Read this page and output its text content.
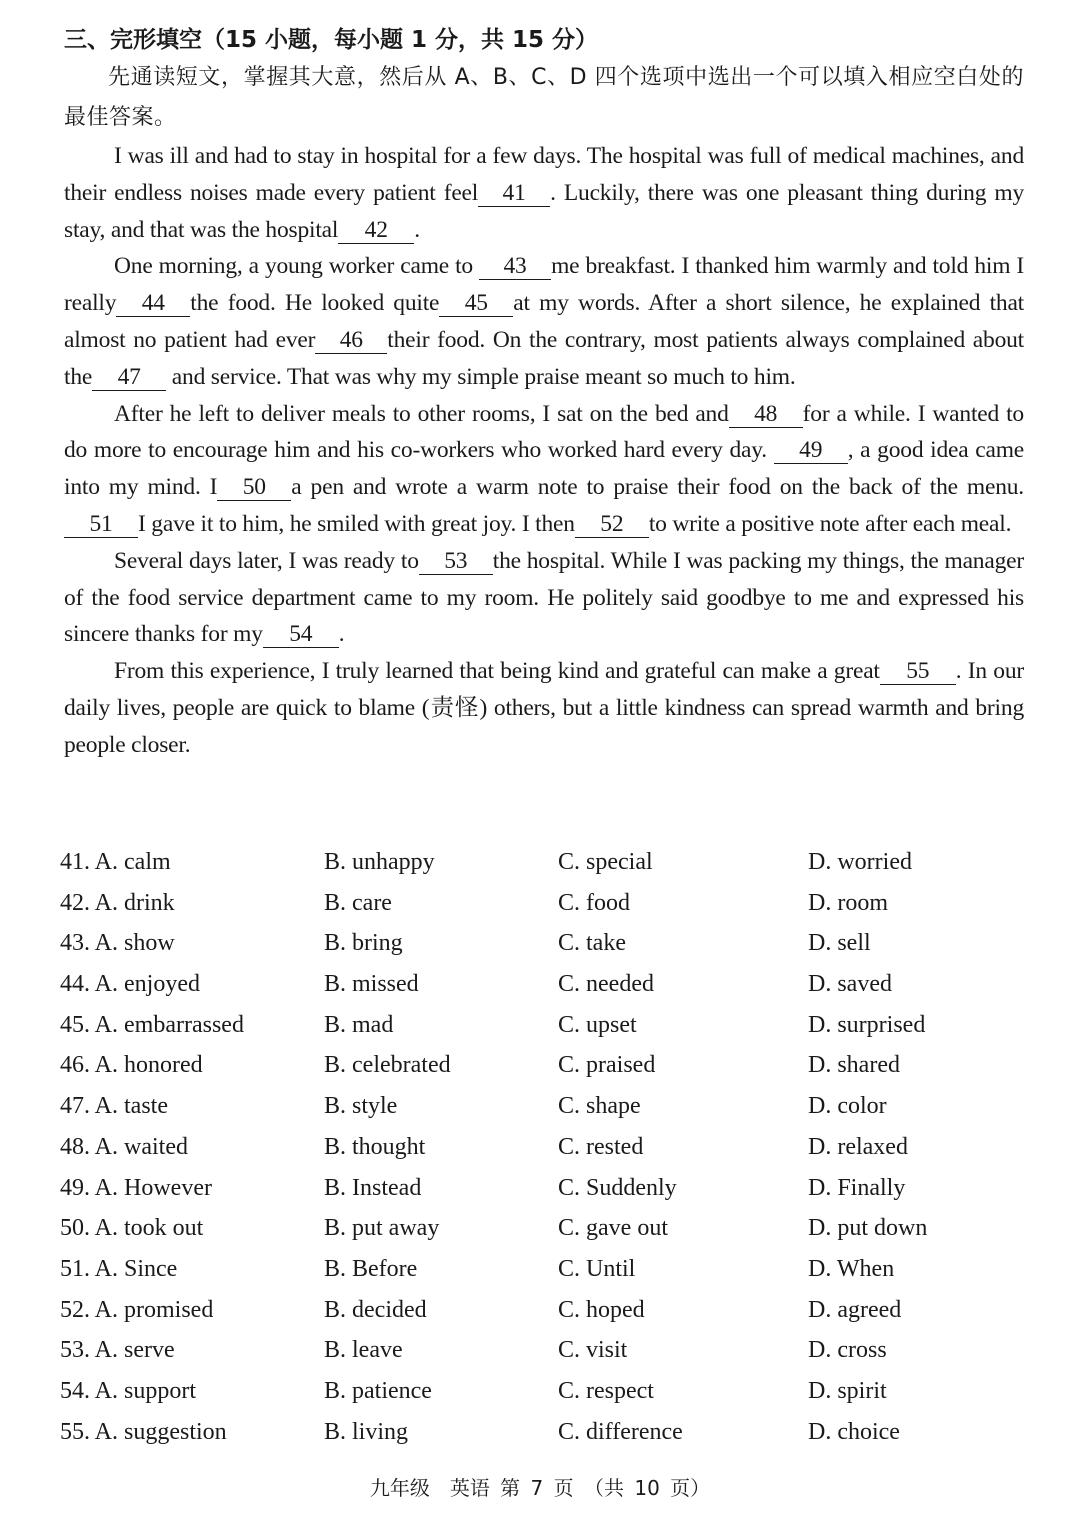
三、完形填空（15 小题，每小题 1 分，共 15 分）

先通读短文，掌握其大意，然后从 A、B、C、D 四个选项中选出一个可以填入相应空白处的最佳答案。

I was ill and had to stay in hospital for a few days. The hospital was full of medical machines, and their endless noises made every patient feel 41 . Luckily, there was one pleasant thing during my stay, and that was the hospital 42 .

One morning, a young worker came to 43 me breakfast. I thanked him warmly and told him I really 44 the food. He looked quite 45 at my words. After a short silence, he explained that almost no patient had ever 46 their food. On the contrary, most patients always complained about the 47 and service. That was why my simple praise meant so much to him.

After he left to deliver meals to other rooms, I sat on the bed and 48 for a while. I wanted to do more to encourage him and his co-workers who worked hard every day. 49 , a good idea came into my mind. I 50 a pen and wrote a warm note to praise their food on the back of the menu. 51 I gave it to him, he smiled with great joy. I then 52 to write a positive note after each meal.

Several days later, I was ready to 53 the hospital. While I was packing my things, the manager of the food service department came to my room. He politely said goodbye to me and expressed his sincere thanks for my 54 .

From this experience, I truly learned that being kind and grateful can make a great 55 . In our daily lives, people are quick to blame (责怪) others, but a little kindness can spread warmth and bring people closer.

41. A. calm	B. unhappy	C. special	D. worried
42. A. drink	B. care	C. food	D. room
43. A. show	B. bring	C. take	D. sell
44. A. enjoyed	B. missed	C. needed	D. saved
45. A. embarrassed	B. mad	C. upset	D. surprised
46. A. honored	B. celebrated	C. praised	D. shared
47. A. taste	B. style	C. shape	D. color
48. A. waited	B. thought	C. rested	D. relaxed
49. A. However	B. Instead	C. Suddenly	D. Finally
50. A. took out	B. put away	C. gave out	D. put down
51. A. Since	B. Before	C. Until	D. When
52. A. promised	B. decided	C. hoped	D. agreed
53. A. serve	B. leave	C. visit	D. cross
54. A. support	B. patience	C. respect	D. spirit
55. A. suggestion	B. living	C. difference	D. choice
九年级　英语 第 7 页 （共 10 页）
